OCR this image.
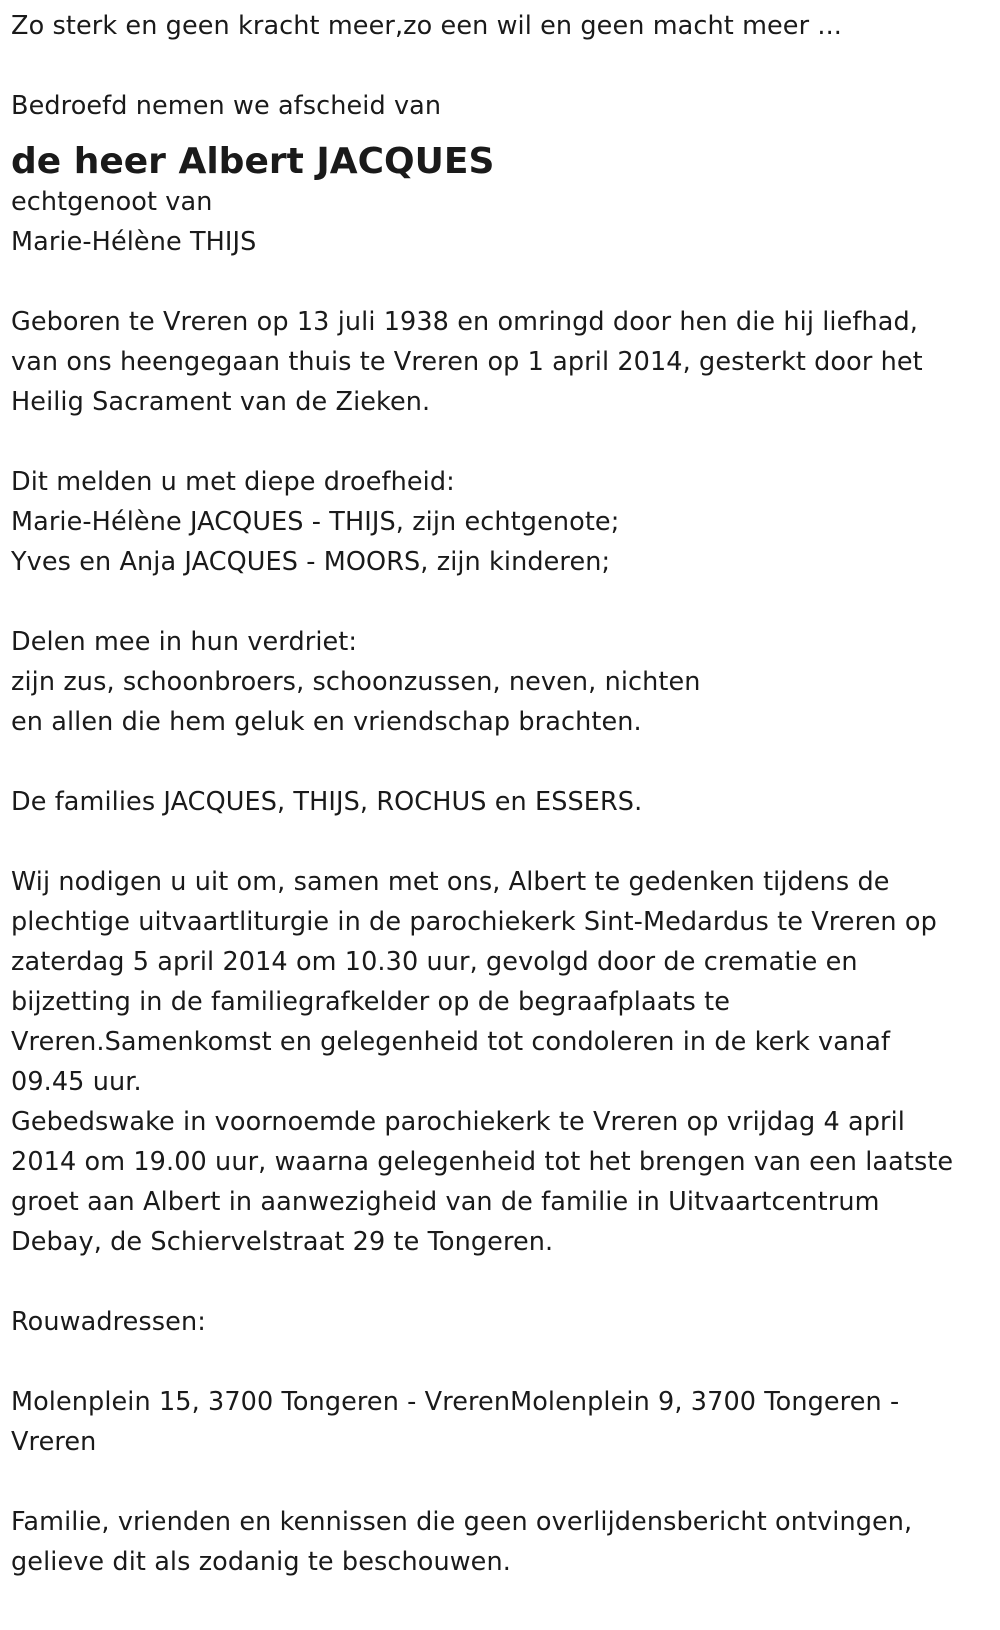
Zo sterk en geen kracht meer,zo een wil en geen macht meer ...
Bedroefd nemen we afscheid van
de heer Albert JACQUES
echtgenoot van
Marie-Hélène THIJS
Geboren te Vreren op 13 juli 1938 en omringd door hen die hij liefhad,
van ons heengegaan thuis te Vreren op 1 april 2014, gesterkt door het
Heilig Sacrament van de Zieken.
Dit melden u met diepe droefheid:
Marie-Hélène JACQUES - THIJS, zijn echtgenote;
Yves en Anja JACQUES - MOORS, zijn kinderen;
Delen mee in hun verdriet:
zijn zus, schoonbroers, schoonzussen, neven, nichten
en allen die hem geluk en vriendschap brachten.
De families JACQUES, THIJS, ROCHUS en ESSERS.
Wij nodigen u uit om, samen met ons, Albert te gedenken tijdens de
plechtige uitvaartliturgie in de parochiekerk Sint-Medardus te Vreren op
zaterdag 5 april 2014 om 10.30 uur, gevolgd door de crematie en
bijzetting in de familiegrafkelder op de begraafplaats te
Vreren.Samenkomst en gelegenheid tot condoleren in de kerk vanaf
09.45 uur.
Gebedswake in voornoemde parochiekerk te Vreren op vrijdag 4 april
2014 om 19.00 uur, waarna gelegenheid tot het brengen van een laatste
groet aan Albert in aanwezigheid van de familie in Uitvaartcentrum
Debay, de Schiervelstraat 29 te Tongeren.
Rouwadressen:
Molenplein 15, 3700 Tongeren - VrerenMolenplein 9, 3700 Tongeren -
Vreren
Familie, vrienden en kennissen die geen overlijdensbericht ontvingen,
gelieve dit als zodanig te beschouwen.
